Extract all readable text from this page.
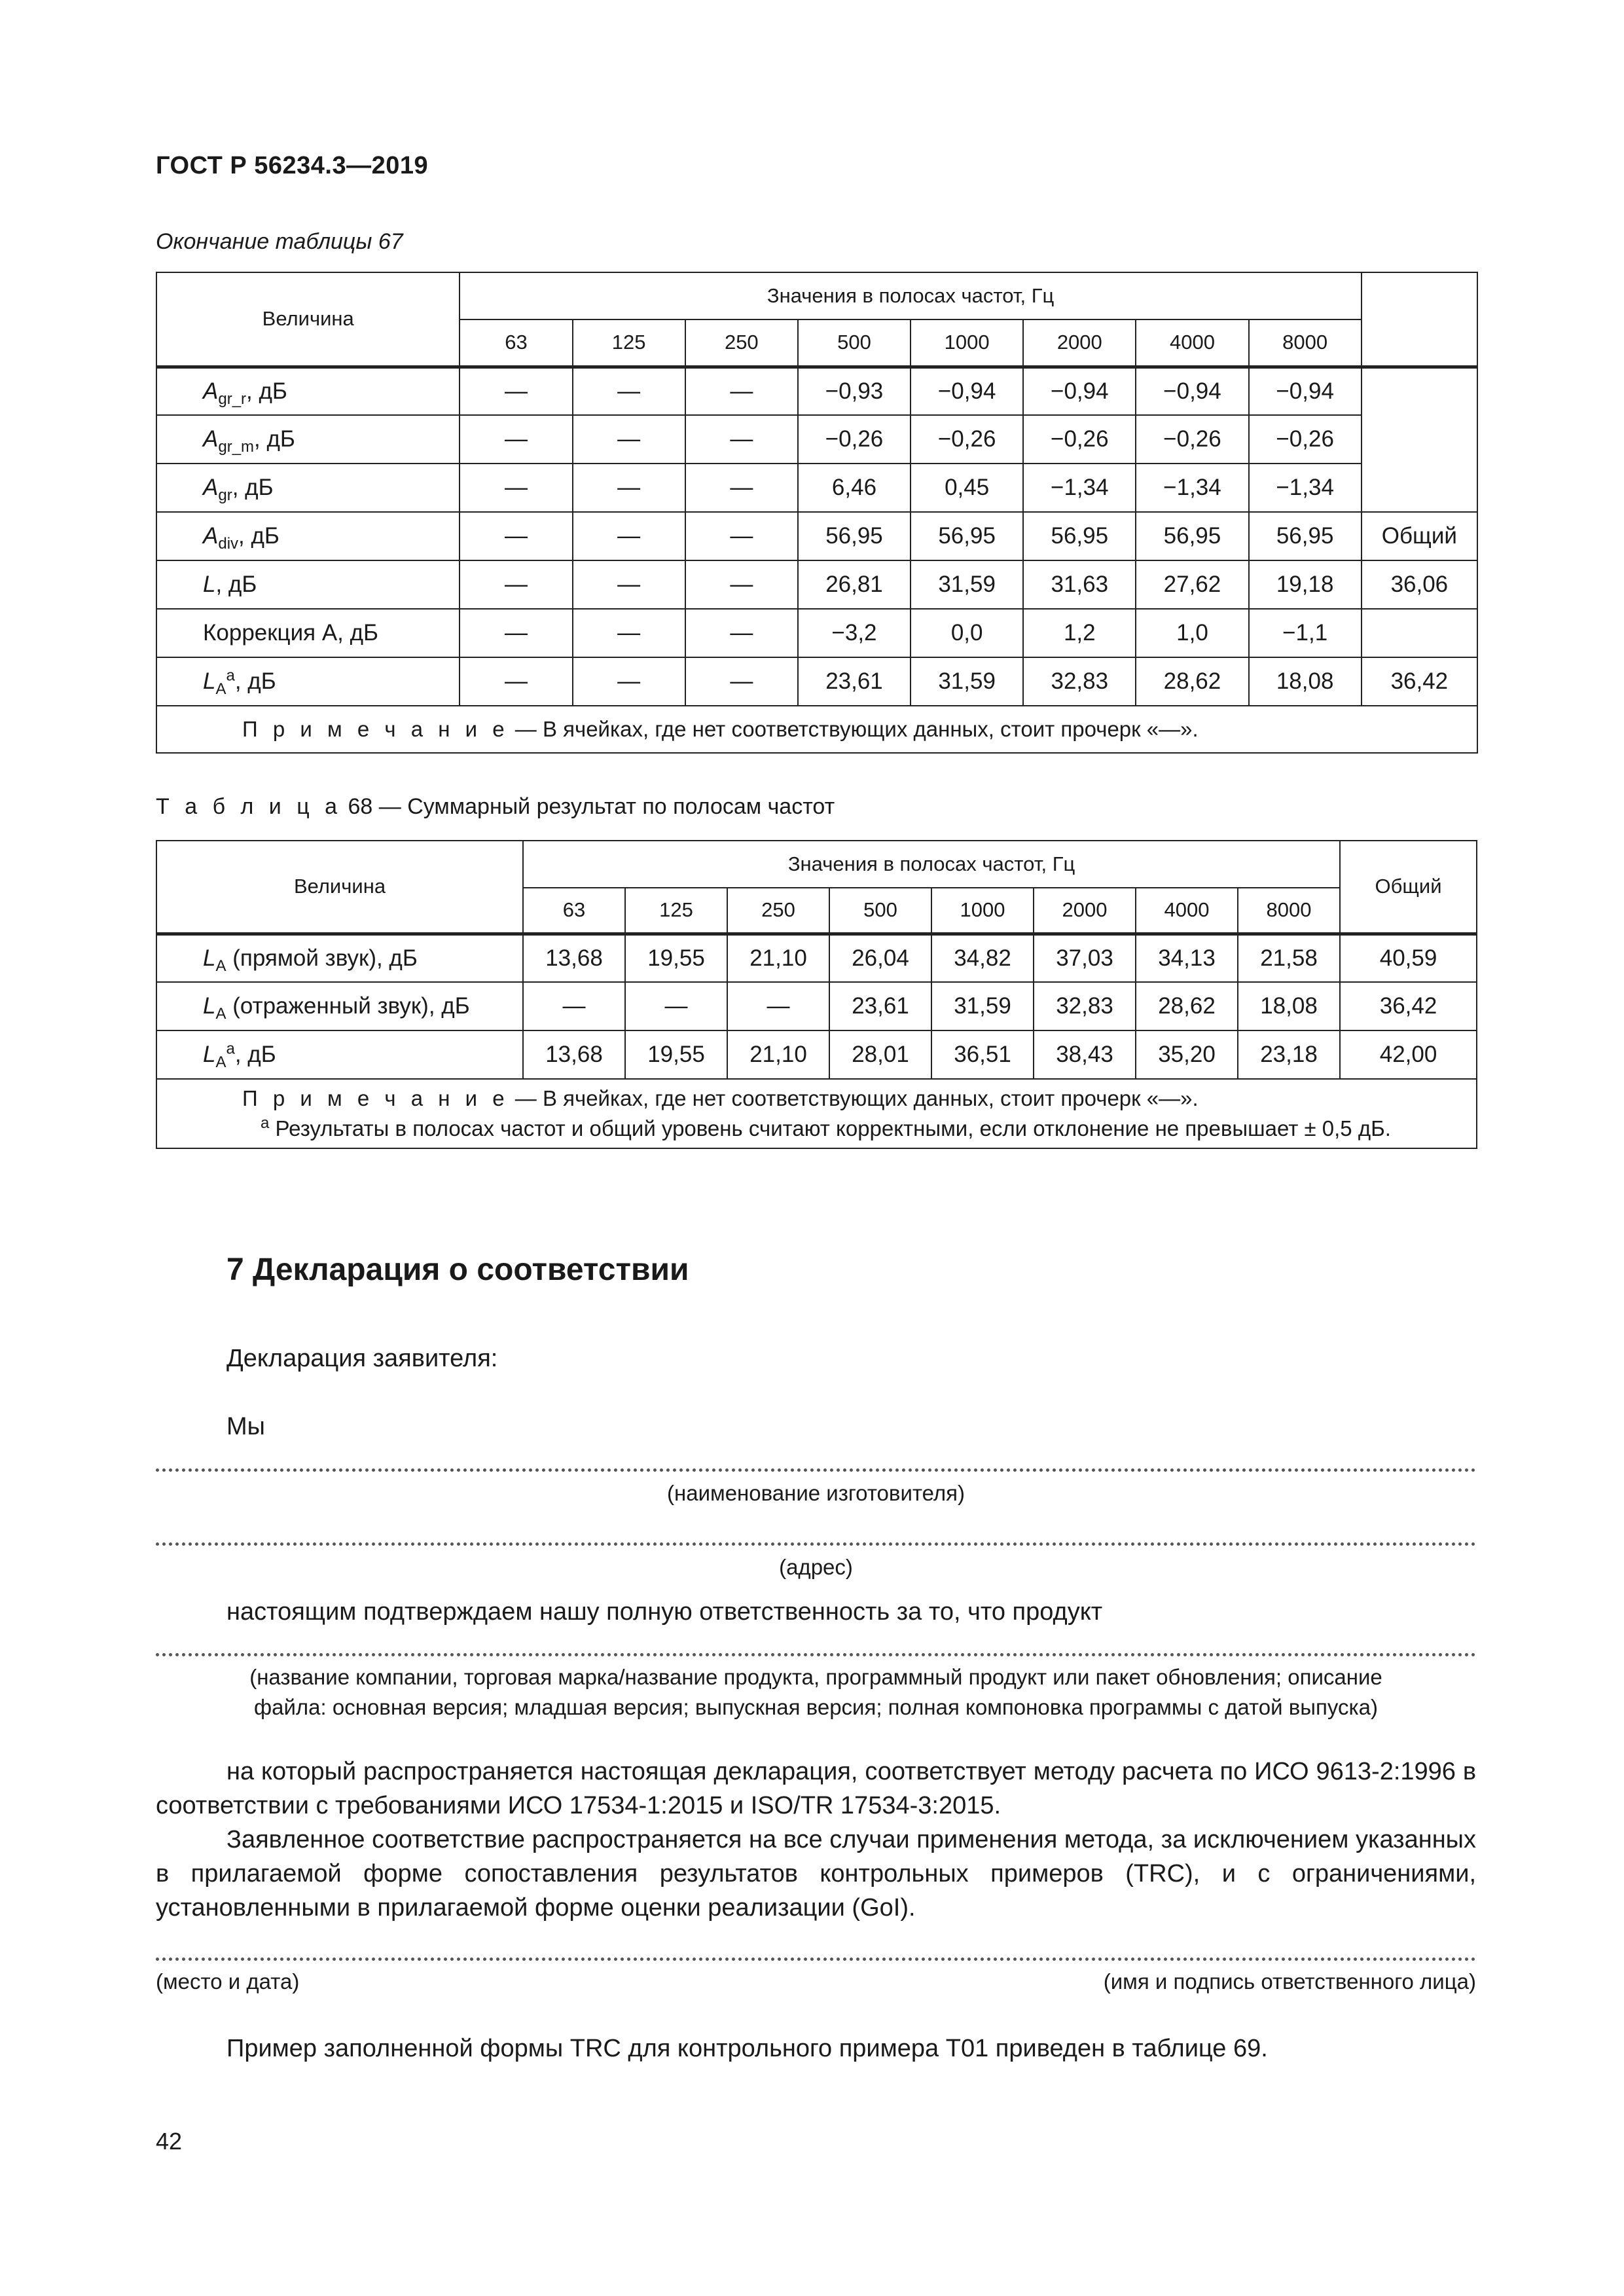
ГОСТ Р 56234.3—2019
Окончание таблицы 67
Величина	Значения в полосах частот, Гц								
	63	125	250	500	1000	2000	4000	8000	
$A_{gr\_r}$, дБ	—	—	—	−0,93	−0,94	−0,94	−0,94	−0,94	
$A_{gr\_m}$, дБ	—	—	—	−0,26	−0,26	−0,26	−0,26	−0,26	
$A_{gr}$, дБ	—	—	—	6,46	0,45	−1,34	−1,34	−1,34	
$A_{div}$, дБ	—	—	—	56,95	56,95	56,95	56,95	56,95	Общий
L, дБ	—	—	—	26,81	31,59	31,63	27,62	19,18	36,06
Коррекция А, дБ	—	—	—	−3,2	0,0	1,2	1,0	−1,1	
$L_A^a$, дБ	—	—	—	23,61	31,59	32,83	28,62	18,08	36,42

П р и м е ч а н и е — В ячейках, где нет соответствующих данных, стоит прочерк «—».									

Т а б л и ц а 68 — Суммарный результат по полосам частот
Величина	Значения в полосах частот, Гц								Общий
	63	125	250	500	1000	2000	4000	8000	
$L_A$ (прямой звук), дБ	13,68	19,55	21,10	26,04	34,82	37,03	34,13	21,58	40,59
$L_A$ (отраженный звук), дБ	—	—	—	23,61	31,59	32,83	28,62	18,08	36,42
$L_A^a$, дБ	13,68	19,55	21,10	28,01	36,51	38,43	35,20	23,18	42,00

П р и м е ч а н и е — В ячейках, где нет соответствующих данных, стоит прочерк «—».

$^a$ Результаты в полосах частот и общий уровень считают корректными, если отклонение не превышает ± 0,5 дБ.									

7 Декларация о соответствии
Декларация заявителя:
Мы
(наименование изготовителя)
(адрес)
настоящим подтверждаем нашу полную ответственность за то, что продукт
(название компании, торговая марка/название продукта, программный продукт или пакет обновления; описание
файла: основная версия; младшая версия; выпускная версия; полная компоновка программы с датой выпуска)

на который распространяется настоящая декларация, соответствует методу расчета по ИСО 9613-2:1996 в соответствии с требованиями ИСО 17534-1:2015 и ISO/TR 17534-3:2015.

Заявленное соответствие распространяется на все случаи применения метода, за исключением указанных в прилагаемой форме сопоставления результатов контрольных примеров (TRC), и с ограничениями, установленными в прилагаемой форме оценки реализации (GoI).

(место и дата)	(имя и подпись ответственного лица)
Пример заполненной формы TRC для контрольного примера T01 приведен в таблице 69.
42
